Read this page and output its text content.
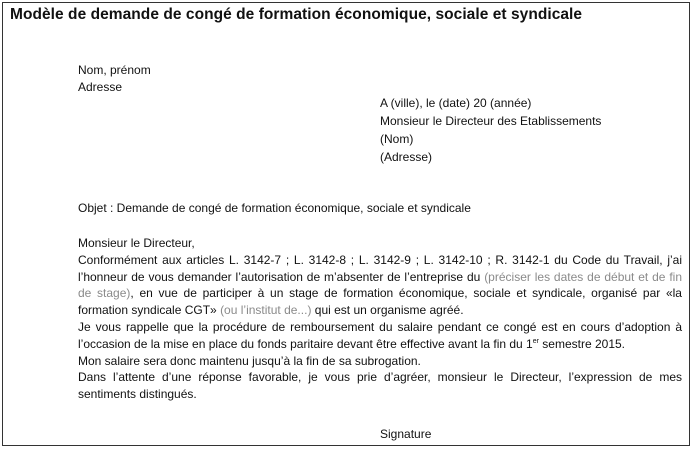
Modèle de demande de congé de formation économique, sociale et syndicale
Nom, prénom
Adresse
A (ville), le (date) 20 (année)
Monsieur le Directeur des Etablissements
(Nom)
(Adresse)
Objet : Demande de congé de formation économique, sociale et syndicale

Monsieur le Directeur,

Conformément aux articles L. 3142-7 ; L. 3142-8 ; L. 3142-9 ; L. 3142-10 ; R. 3142-1 du Code du Travail, j’ai l’honneur de vous demander l’autorisation de m’absenter de l’entreprise du (préciser les dates de début et de fin de stage), en vue de participer à un stage de formation économique, sociale et syndicale, organisé par «la formation syndicale CGT» (ou l’institut de...) qui est un organisme agréé.

Je vous rappelle que la procédure de remboursement du salaire pendant ce congé est en cours d’adoption à l’occasion de la mise en place du fonds paritaire devant être effective avant la fin du 1er semestre 2015.

Mon salaire sera donc maintenu jusqu’à la fin de sa subrogation.

Dans l’attente d’une réponse favorable, je vous prie d’agréer, monsieur le Directeur, l’expression de mes sentiments distingués.

Signature
